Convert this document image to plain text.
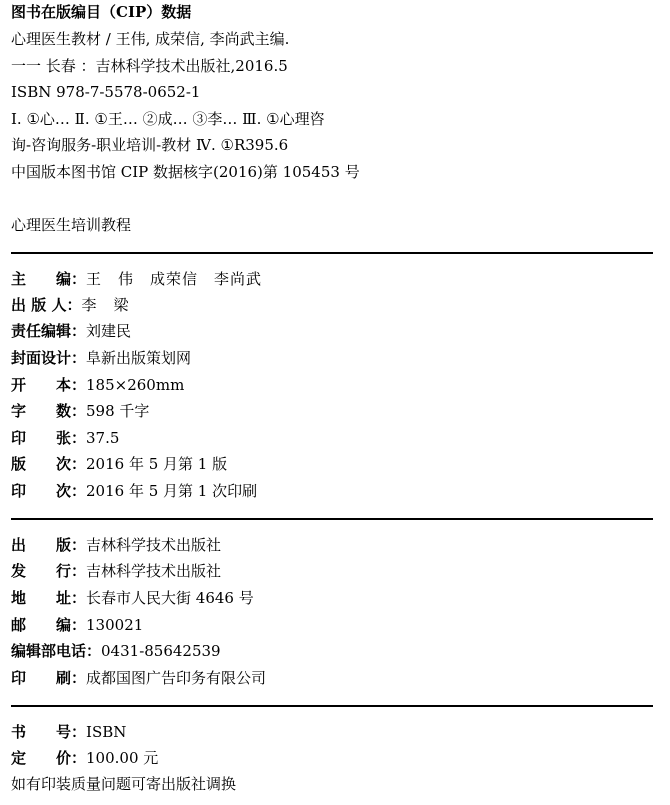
图书在版编目（CIP）数据
心理医生教材 / 王伟, 成荣信, 李尚武主编.
一一 长春 ：吉林科学技术出版社,2016.5
ISBN 978-7-5578-0652-1
Ⅰ. ①心… Ⅱ. ①王… ②成… ③李… Ⅲ. ①心理咨
询-咨询服务-职业培训-教材 Ⅳ. ①R395.6
中国版本图书馆 CIP 数据核字(2016)第 105453 号
心理医生培训教程
主　　编：王　伟　成荣信　李尚武
出 版 人：李　梁
责任编辑：刘建民
封面设计：阜新出版策划网
开　　本：185×260mm
字　　数：598 千字
印　　张：37.5
版　　次：2016 年 5 月第 1 版
印　　次：2016 年 5 月第 1 次印刷
出　　版：吉林科学技术出版社
发　　行：吉林科学技术出版社
地　　址：长春市人民大街 4646 号
邮　　编：130021
编辑部电话：0431-85642539
印　　刷：成都国图广告印务有限公司
书　　号：ISBN
定　　价：100.00 元
如有印装质量问题可寄出版社调换
